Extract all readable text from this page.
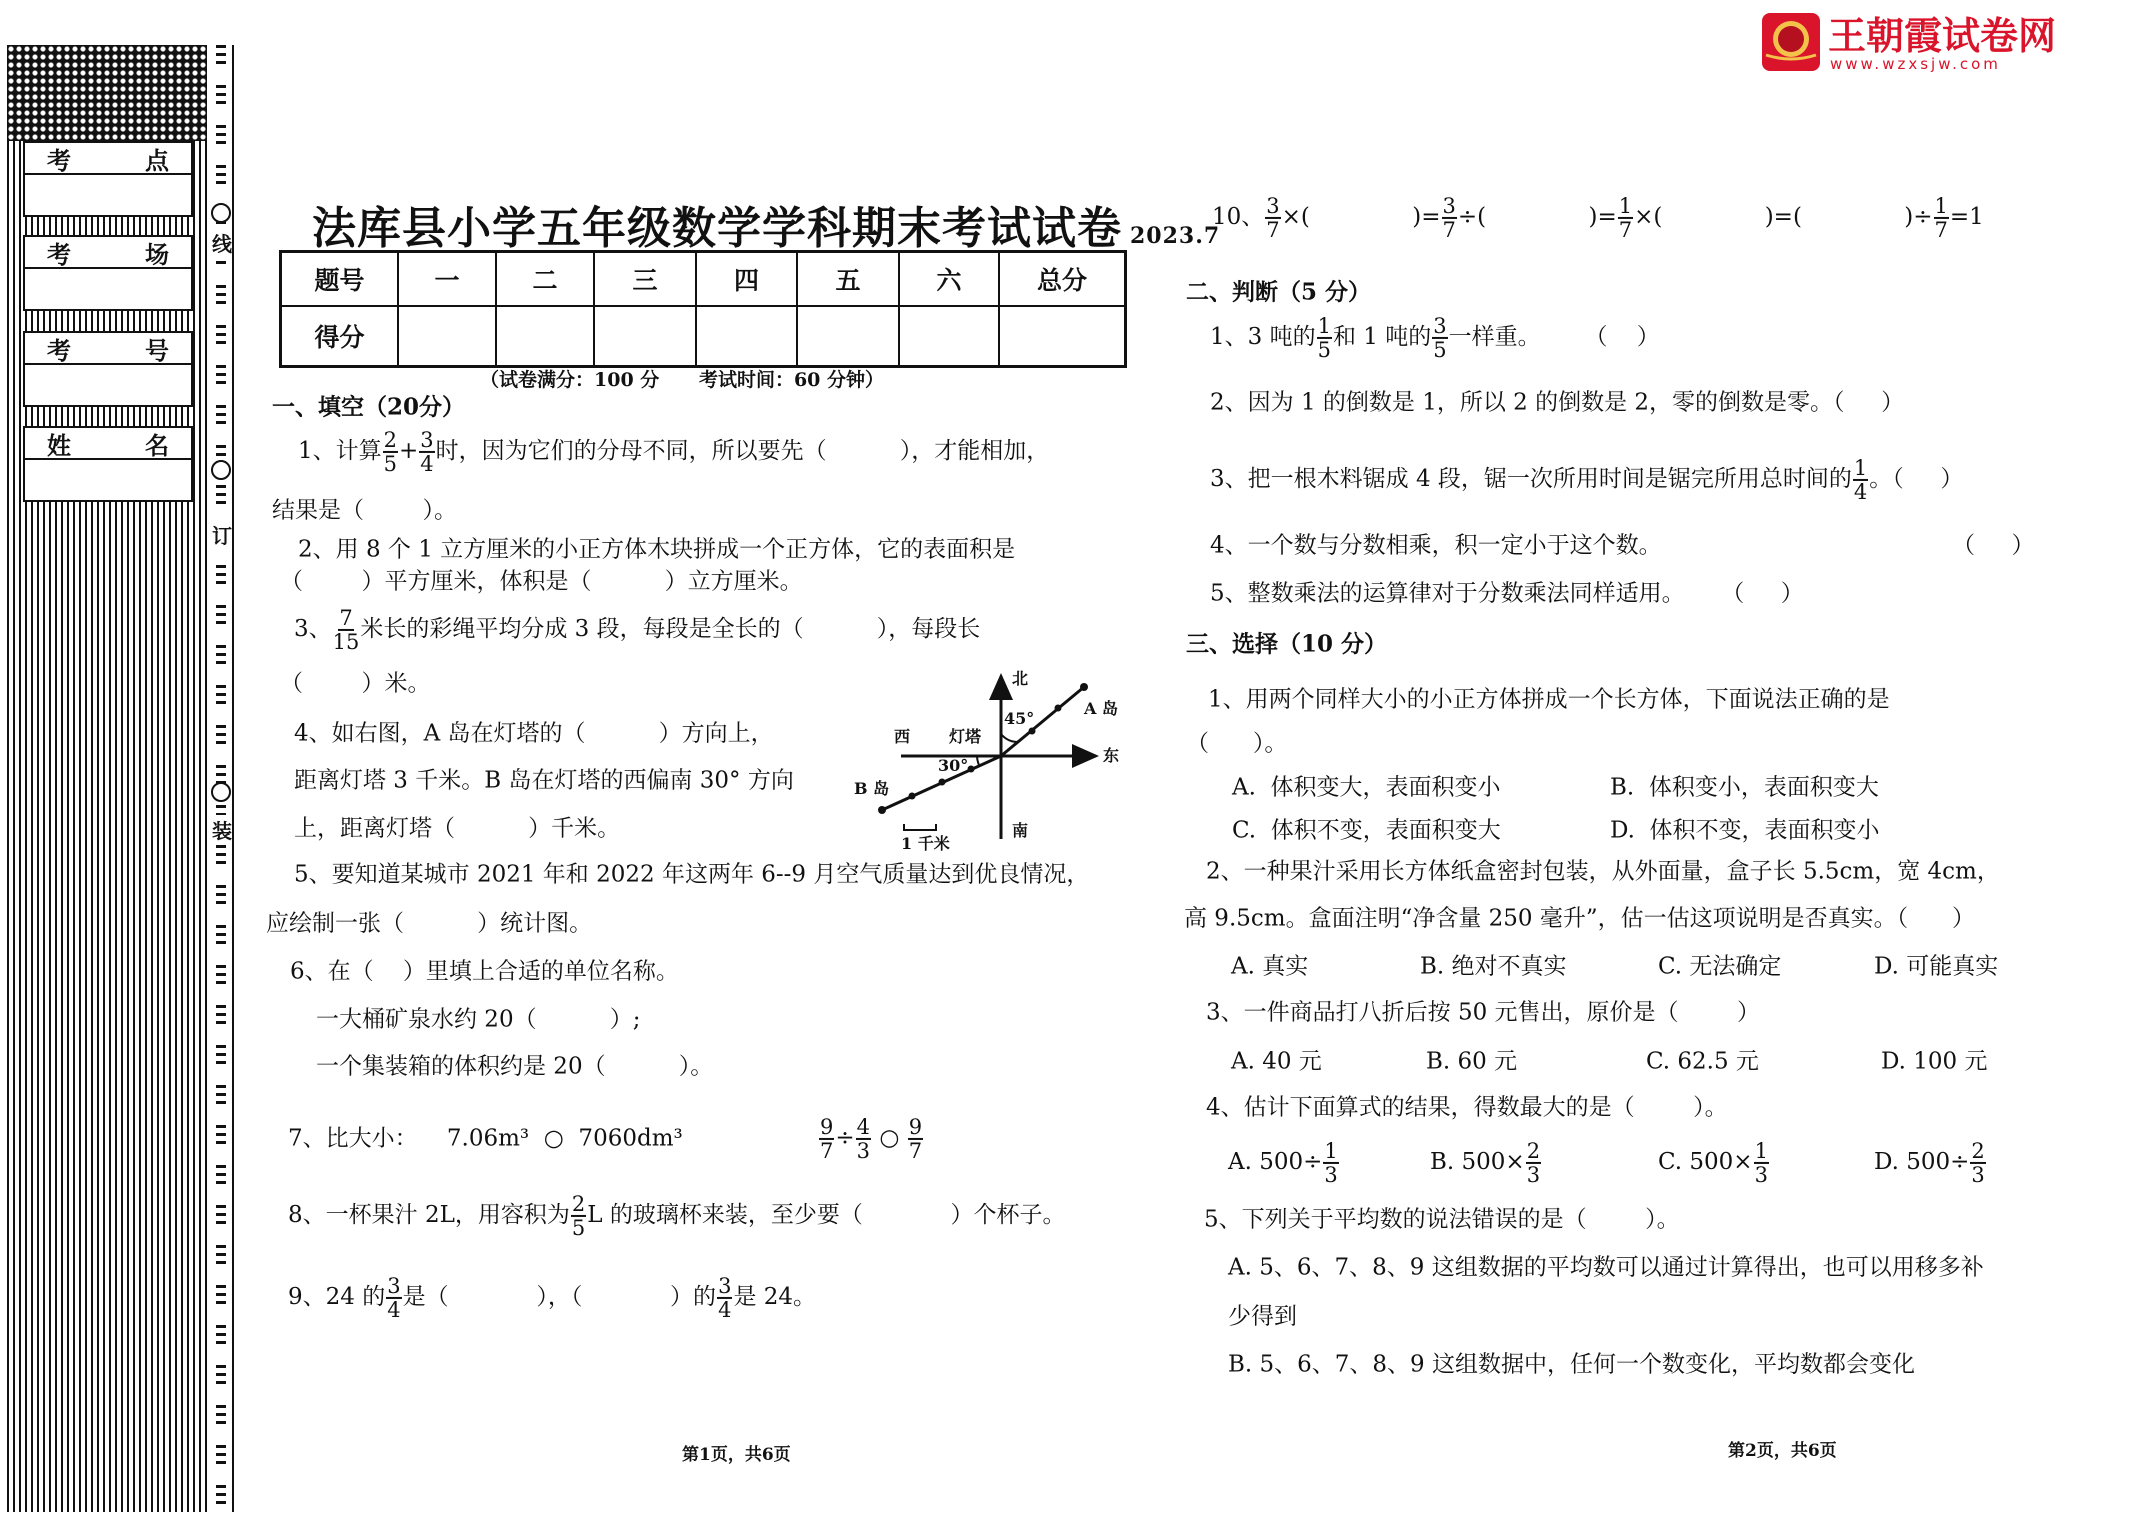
王朝霞试卷网
www.wzxsjw.com
考	点
考	场
考	号
姓	名
线
订
装
法库县小学五年级数学学科期末考试试卷 2023.7
题号	一	二	三	四	五	六	总分
得分							
（试卷满分：100 分      考试时间：60 分钟）
一、填空（20分）
1、计算 $\frac{2}{5} + \frac{3}{4}$ 时，因为它们的分母不同，所以要先（          ），才能相加，
结果是（        ）。
2、用 8 个 1 立方厘米的小正方体木块拼成一个正方体，它的表面积是
（        ）平方厘米，体积是（          ）立方厘米。
3、 $\frac{7}{15}$ 米长的彩绳平均分成 3 段，每段是全长的（          ），每段长
（        ）米。
4、如右图，A 岛在灯塔的（          ）方向上，
距离灯塔 3 千米。B 岛在灯塔的西偏南 30° 方向
上，距离灯塔（          ）千米。
5、要知道某城市 2021 年和 2022 年这两年 6--9 月空气质量达到优良情况，
应绘制一张（          ）统计图。
6、在（    ）里填上合适的单位名称。
一大桶矿泉水约 20（          ）;
一个集装箱的体积约是 20（          ）。
7、比大小：    7.06m³  ○  7060dm³	$\frac{9}{7} \div \frac{4}{3}$ ○ $\frac{9}{7}$
8、一杯果汁 2L，用容积为 $\frac{2}{5}$ L 的玻璃杯来装，至少要（            ）个杯子。
9、24 的 $\frac{3}{4}$ 是（            ），（            ）的 $\frac{3}{4}$ 是 24。
北
南
东
西 灯塔
A 岛
B 岛
45°
30°
1 千米
10、 $\frac{3}{7}$ ×(              )= $\frac{3}{7}$ ÷(              )= $\frac{1}{7}$ ×(              )=(              )÷ $\frac{1}{7} =1$
二、判断（5 分）
1、3 吨的 $\frac{1}{5}$ 和 1 吨的 $\frac{3}{5}$ 一样重。      （    ）
2、因为 1 的倒数是 1，所以 2 的倒数是 2，零的倒数是零。（     ）
3、把一根木料锯成 4 段，锯一次所用时间是锯完所用总时间的 $\frac{1}{4}$ 。（     ）
4、一个数与分数相乘，积一定小于这个数。	（     ）
5、整数乘法的运算律对于分数乘法同样适用。     （     ）
三、选择（10 分）
1、用两个同样大小的小正方体拼成一个长方体，下面说法正确的是
（      ）。
A.  体积变大，表面积变小	B.  体积变小，表面积变大
C.  体积不变，表面积变大	D.  体积不变，表面积变小
2、一种果汁采用长方体纸盒密封包装，从外面量，盒子长 5.5cm，宽 4cm，
高 9.5cm。盒面注明“净含量 250 毫升”，估一估这项说明是否真实。（      ）
A. 真实	B. 绝对不真实	C. 无法确定	D. 可能真实
3、一件商品打八折后按 50 元售出，原价是（        ）
A. 40 元	B. 60 元	C. 62.5 元	D. 100 元
4、估计下面算式的结果，得数最大的是（        ）。
A. $500\div \frac{1}{3}$	B. $500\times \frac{2}{3}$	C. $500\times \frac{1}{3}$	D. $500\div \frac{2}{3}$
5、下列关于平均数的说法错误的是（        ）。
A. 5、6、7、8、9 这组数据的平均数可以通过计算得出，也可以用移多补
少得到
B. 5、6、7、8、9 这组数据中，任何一个数变化，平均数都会变化
第1页，共6页	第2页，共6页
